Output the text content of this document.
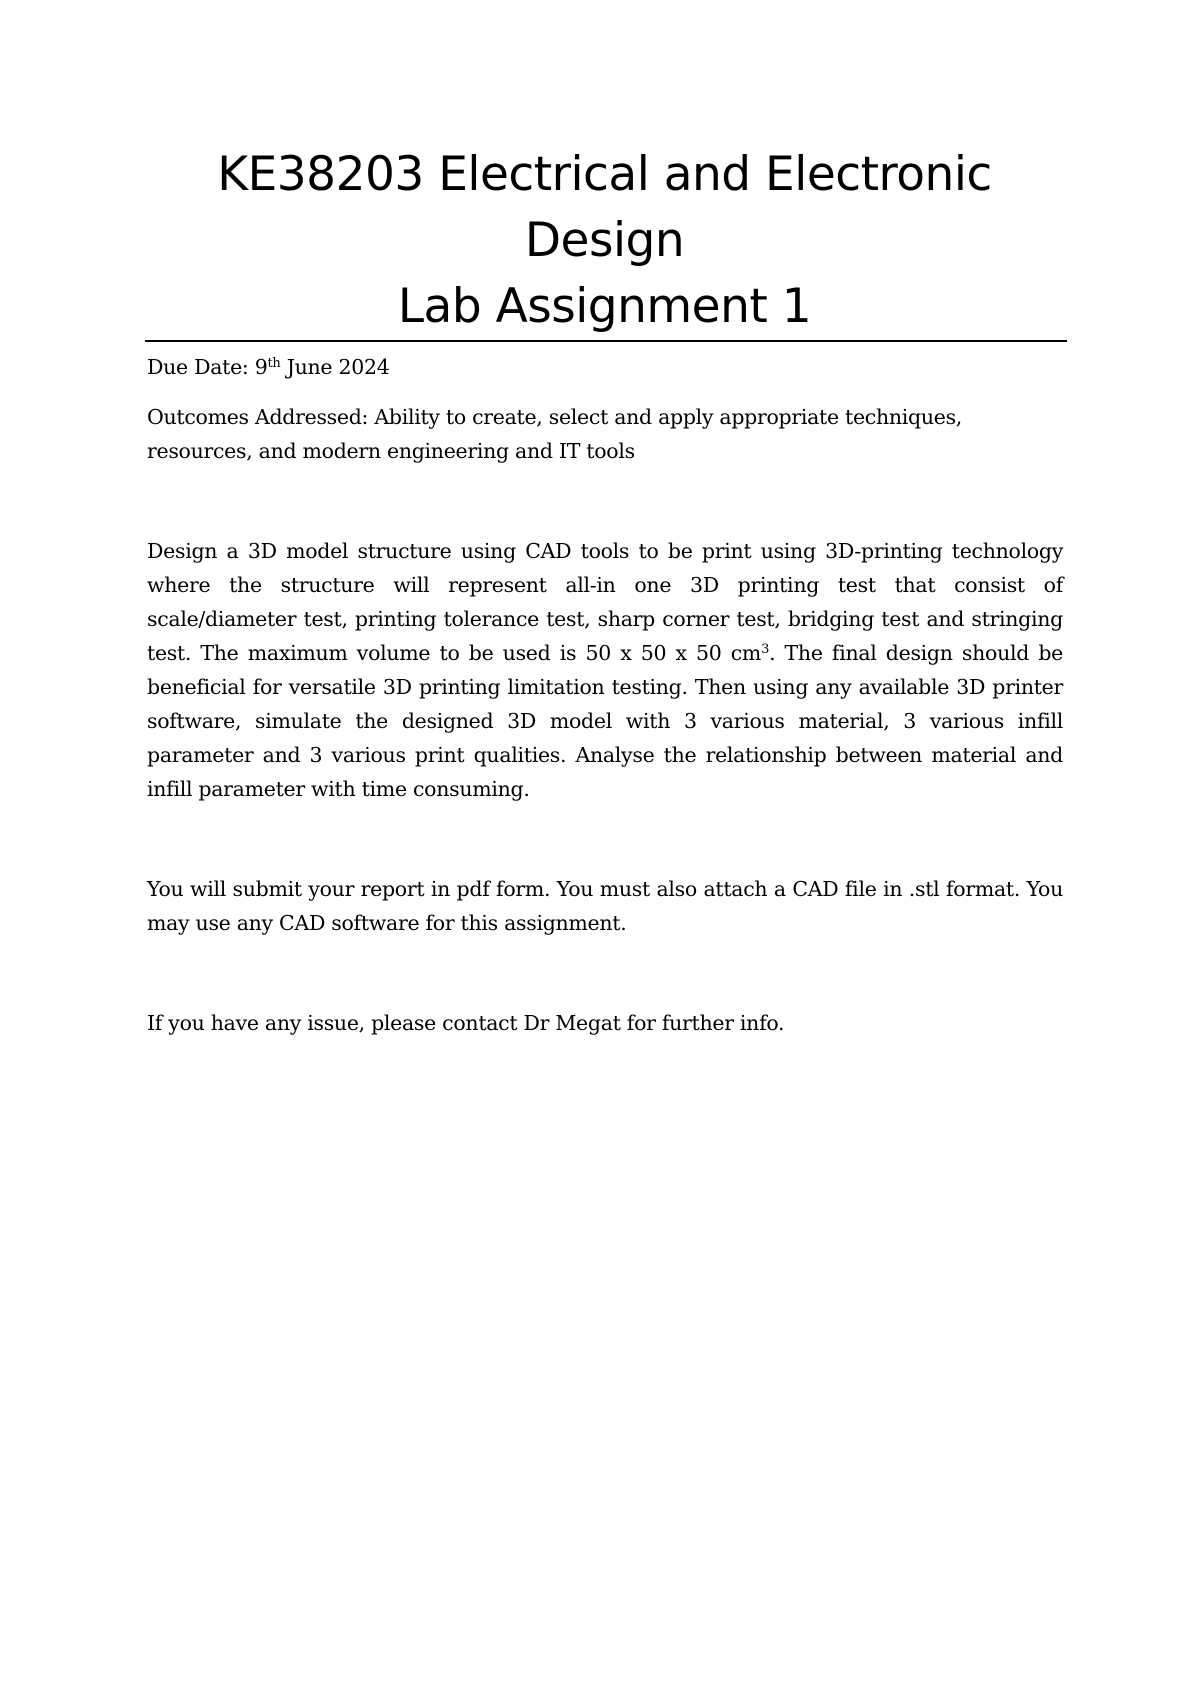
KE38203 Electrical and Electronic
Design
Lab Assignment 1

Due Date: 9th June 2024

Outcomes Addressed: Ability to create, select and apply appropriate techniques, resources, and modern engineering and IT tools

Design a 3D model structure using CAD tools to be print using 3D-printing technology where the structure will represent all-in one 3D printing test that consist of scale/diameter test, printing tolerance test, sharp corner test, bridging test and stringing test. The maximum volume to be used is 50 x 50 x 50 $cm^3$. The final design should be beneficial for versatile 3D printing limitation testing. Then using any available 3D printer software, simulate the designed 3D model with 3 various material, 3 various infill parameter and 3 various print qualities. Analyse the relationship between material and infill parameter with time consuming.

You will submit your report in pdf form. You must also attach a CAD file in .stl format. You may use any CAD software for this assignment.

If you have any issue, please contact Dr Megat for further info.
